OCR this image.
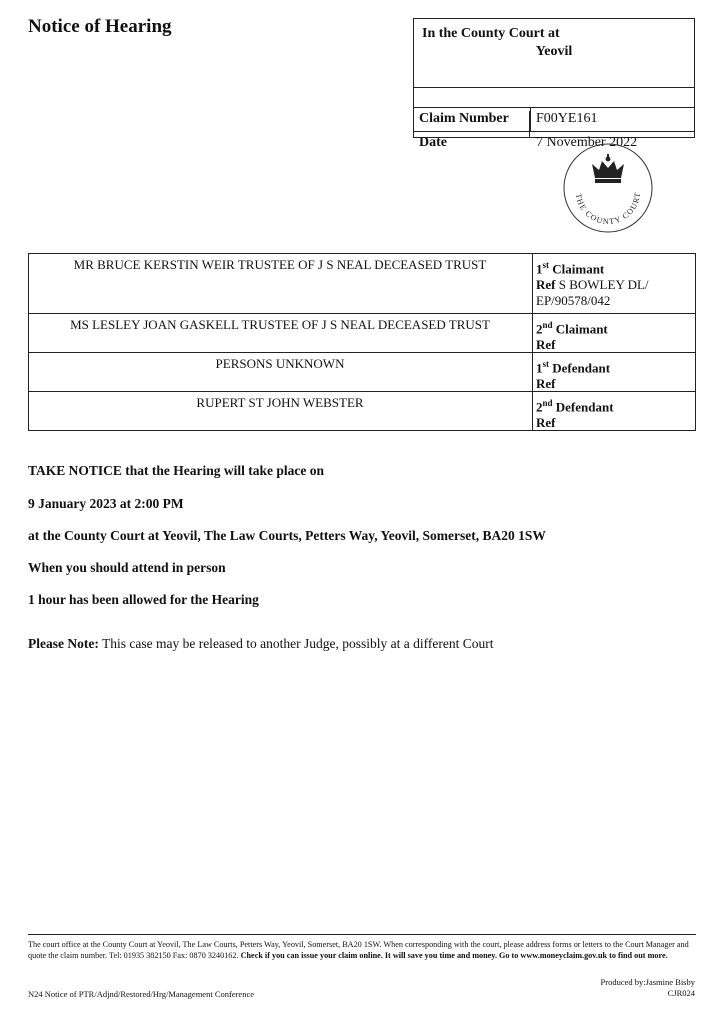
Notice of Hearing	In the County Court at
Yeovil
Claim Number F00YE161
Date	7 November 2022
THE COUNTY COURT
MR BRUCE KERSTIN WEIR TRUSTEE OF J S NEAL DECEASED TRUST	1st Claimant
Ref S BOWLEY DL/ EP/90578/042
MS LESLEY JOAN GASKELL TRUSTEE OF J S NEAL DECEASED TRUST	2nd Claimant
Ref
PERSONS UNKNOWN	1st Defendant
Ref
RUPERT ST JOHN WEBSTER	2nd Defendant
Ref
TAKE NOTICE that the Hearing will take place on
9 January 2023 at 2:00 PM
at the County Court at Yeovil, The Law Courts, Petters Way, Yeovil, Somerset, BA20 1SW
When you should attend in person
1 hour has been allowed for the Hearing
Please Note: This case may be released to another Judge, possibly at a different Court
The court office at the County Court at Yeovil, The Law Courts, Petters Way, Yeovil, Somerset, BA20 1SW. When corresponding with the court, please address forms or letters to the Court Manager and quote the claim number. Tel: 01935 382150 Fax: 0870 3240162. Check if you can issue your claim online. It will save you time and money. Go to www.moneyclaim.gov.uk to find out more.
Produced by:Jasmine Bisby
CJR024
N24 Notice of PTR/Adjnd/Restored/Hrg/Management Conference
